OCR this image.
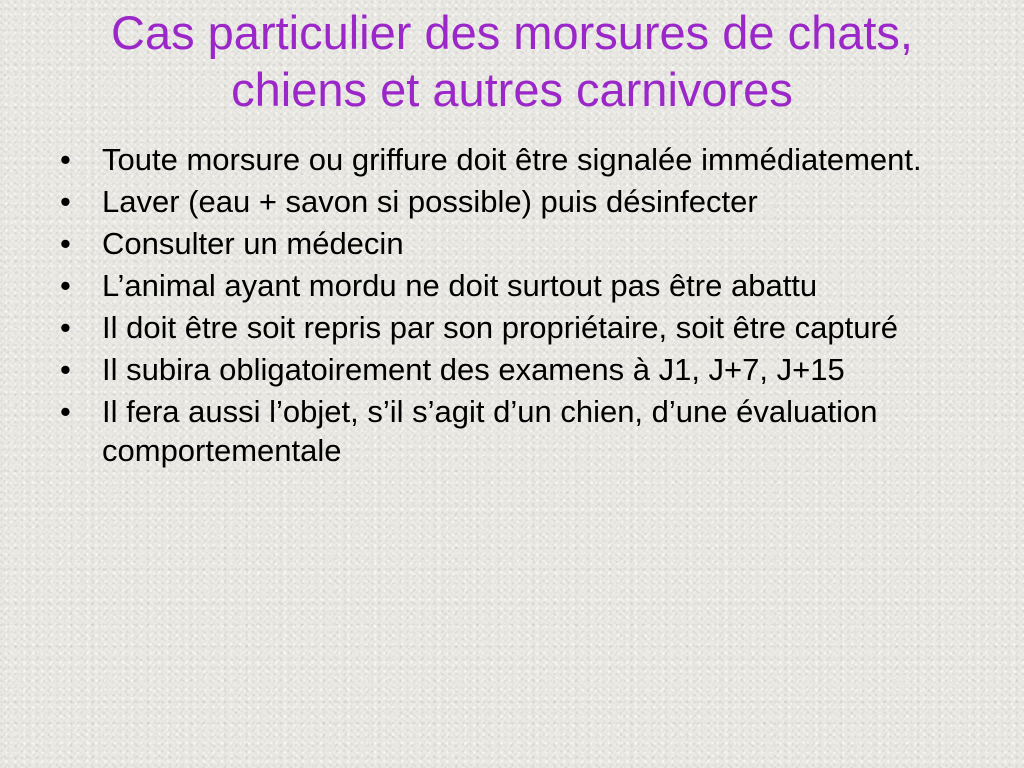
Cas particulier des morsures de chats, chiens et autres carnivores
• Toute morsure ou griffure doit être signalée immédiatement.
• Laver (eau + savon si possible) puis désinfecter
• Consulter un médecin
• L’animal ayant mordu ne doit surtout pas être abattu
• Il doit être soit repris par son propriétaire, soit être capturé
• Il subira obligatoirement des examens à J1, J+7, J+15
• Il fera aussi l’objet, s’il s’agit d’un chien, d’une évaluation comportementale
